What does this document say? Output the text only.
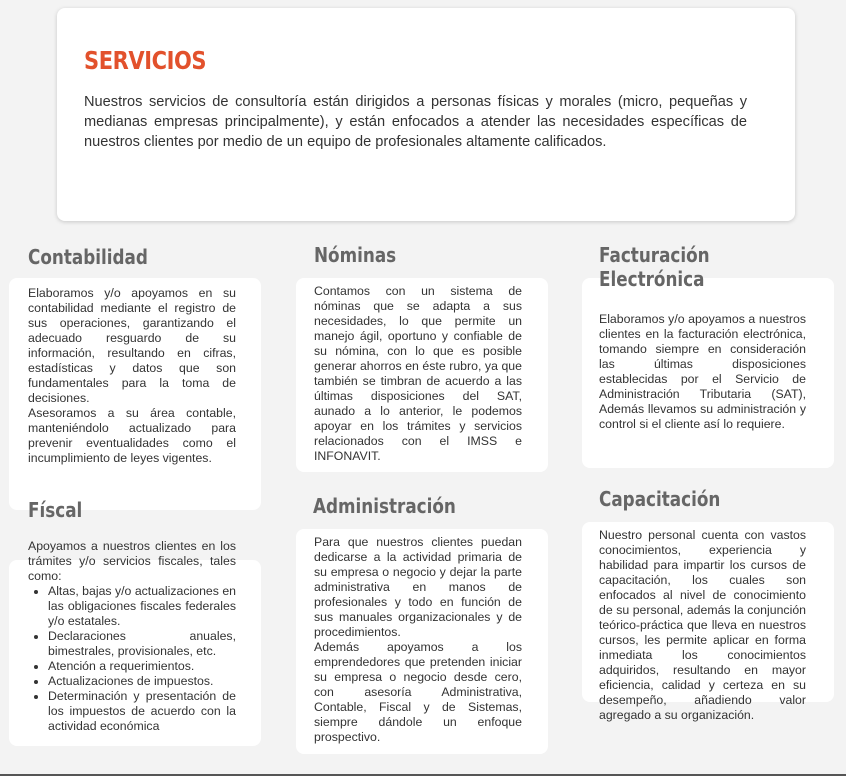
SERVICIOS

Nuestros servicios de consultoría están dirigidos a personas físicas y morales (micro, pequeñas y medianas empresas principalmente), y están enfocados a atender las necesidades específicas de nuestros clientes por medio de un equipo de profesionales altamente calificados.

Contabilidad

Elaboramos y/o apoyamos en su contabilidad mediante el registro de sus operaciones, garantizando el adecuado resguardo de su información, resultando en cifras, estadísticas y datos que son fundamentales para la toma de decisiones.

Asesoramos a su área contable, manteniéndolo actualizado para prevenir eventualidades como el incumplimiento de leyes vigentes.

Físcal

Apoyamos a nuestros clientes en los trámites y/o servicios fiscales, tales como:

• Altas, bajas y/o actualizaciones en las obligaciones fiscales federales y/o estatales.
• Declaraciones anuales, bimestrales, provisionales, etc.
• Atención a requerimientos.
• Actualizaciones de impuestos.
• Determinación y presentación de los impuestos de acuerdo con la actividad económica
Nóminas

Contamos con un sistema de nóminas que se adapta a sus necesidades, lo que permite un manejo ágil, oportuno y confiable de su nómina, con lo que es posible generar ahorros en éste rubro, ya que también se timbran de acuerdo a las últimas disposiciones del SAT, aunado a lo anterior, le podemos apoyar en los trámites y servicios relacionados con el IMSS e INFONAVIT.

Administración

Para que nuestros clientes puedan dedicarse a la actividad primaria de su empresa o negocio y dejar la parte administrativa en manos de profesionales y todo en función de sus manuales organizacionales y de procedimientos.

Además apoyamos a los emprendedores que pretenden iniciar su empresa o negocio desde cero, con asesoría Administrativa, Contable, Fiscal y de Sistemas, siempre dándole un enfoque prospectivo.

Facturación
Electrónica

Elaboramos y/o apoyamos a nuestros clientes en la facturación electrónica, tomando siempre en consideración las últimas disposiciones establecidas por el Servicio de Administración Tributaria (SAT), Además llevamos su administración y control si el cliente así lo requiere.

Capacitación

Nuestro personal cuenta con vastos conocimientos, experiencia y habilidad para impartir los cursos de capacitación, los cuales son enfocados al nivel de conocimiento de su personal, además la conjunción teórico-práctica que lleva en nuestros cursos, les permite aplicar en forma inmediata los conocimientos adquiridos, resultando en mayor eficiencia, calidad y certeza en su desempeño, añadiendo valor agregado a su organización.
